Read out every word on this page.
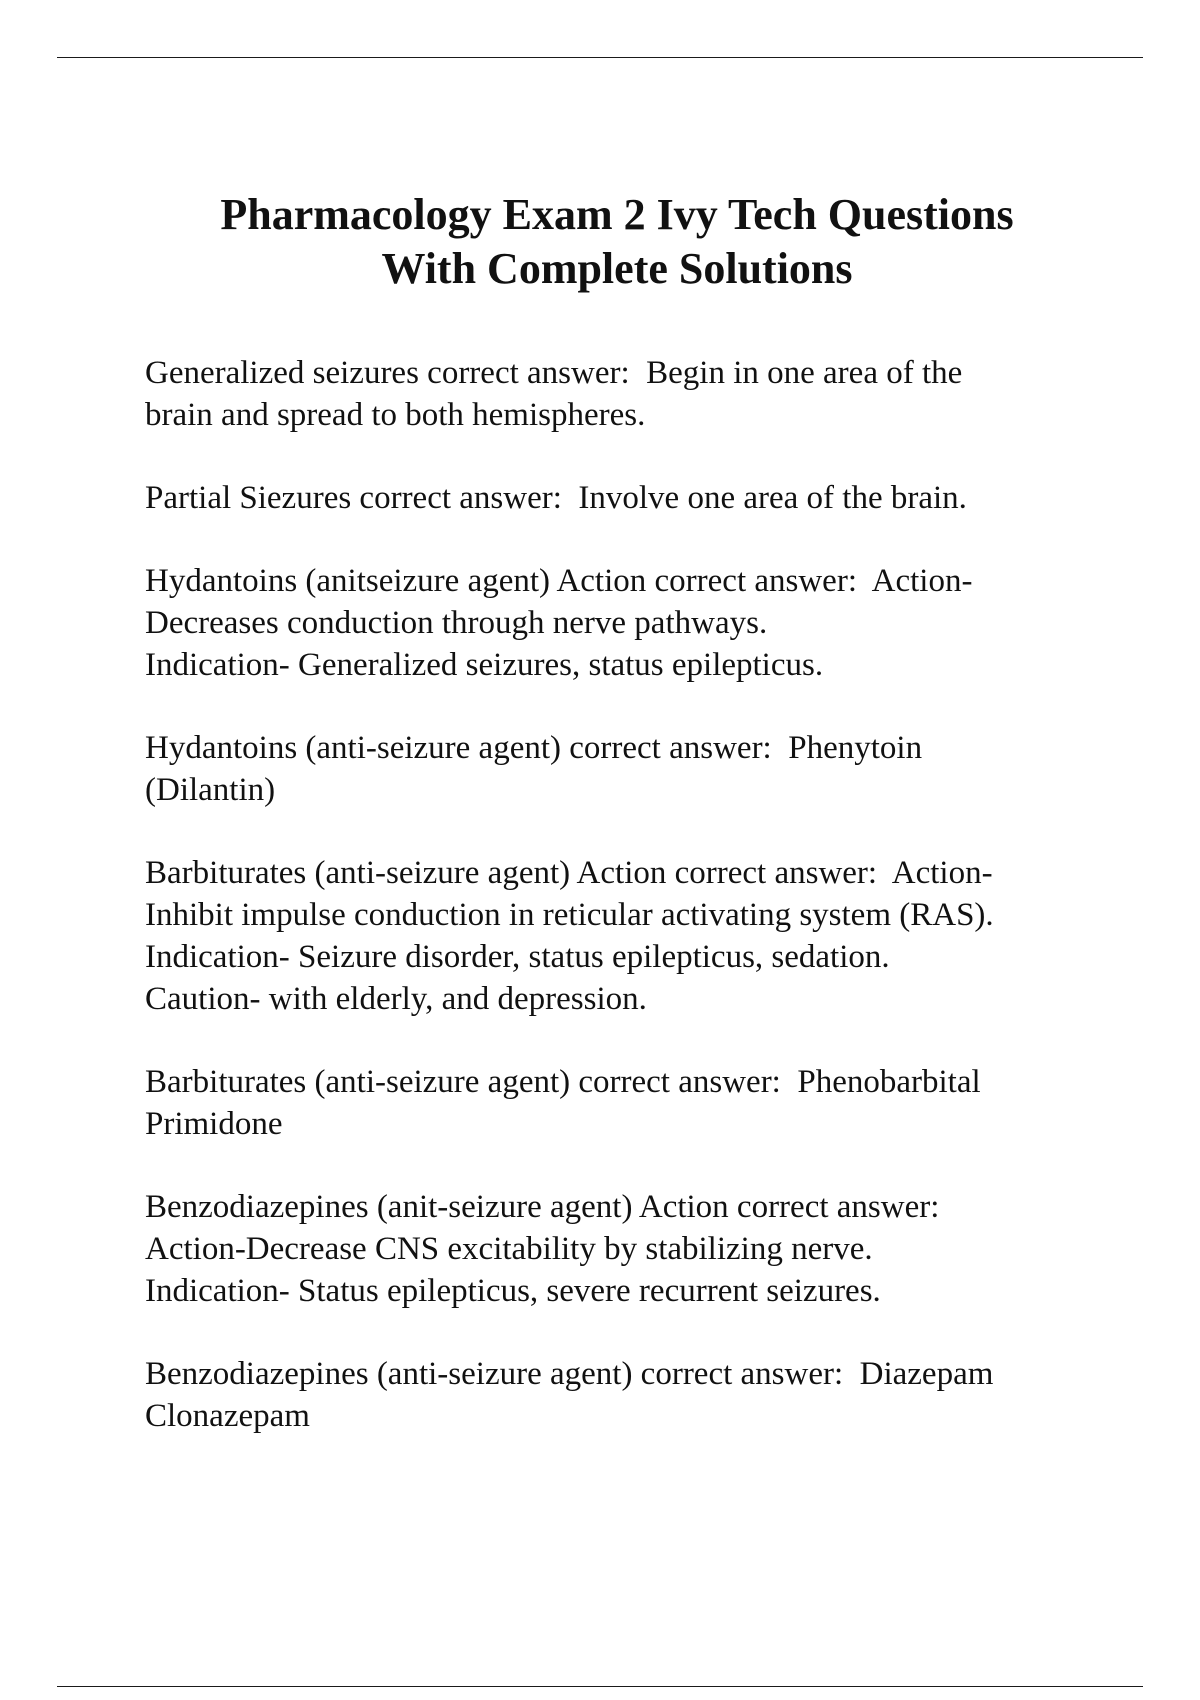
Pharmacology Exam 2 Ivy Tech Questions
With Complete Solutions
Generalized seizures correct answer:  Begin in one area of the
brain and spread to both hemispheres.
Partial Siezures correct answer:  Involve one area of the brain.
Hydantoins (anitseizure agent) Action correct answer:  Action-
Decreases conduction through nerve pathways.
Indication- Generalized seizures, status epilepticus.
Hydantoins (anti-seizure agent) correct answer:  Phenytoin
(Dilantin)
Barbiturates (anti-seizure agent) Action correct answer:  Action-
Inhibit impulse conduction in reticular activating system (RAS).
Indication- Seizure disorder, status epilepticus, sedation.
Caution- with elderly, and depression.
Barbiturates (anti-seizure agent) correct answer:  Phenobarbital
Primidone
Benzodiazepines (anit-seizure agent) Action correct answer:
Action-Decrease CNS excitability by stabilizing nerve.
Indication- Status epilepticus, severe recurrent seizures.
Benzodiazepines (anti-seizure agent) correct answer:  Diazepam
Clonazepam
